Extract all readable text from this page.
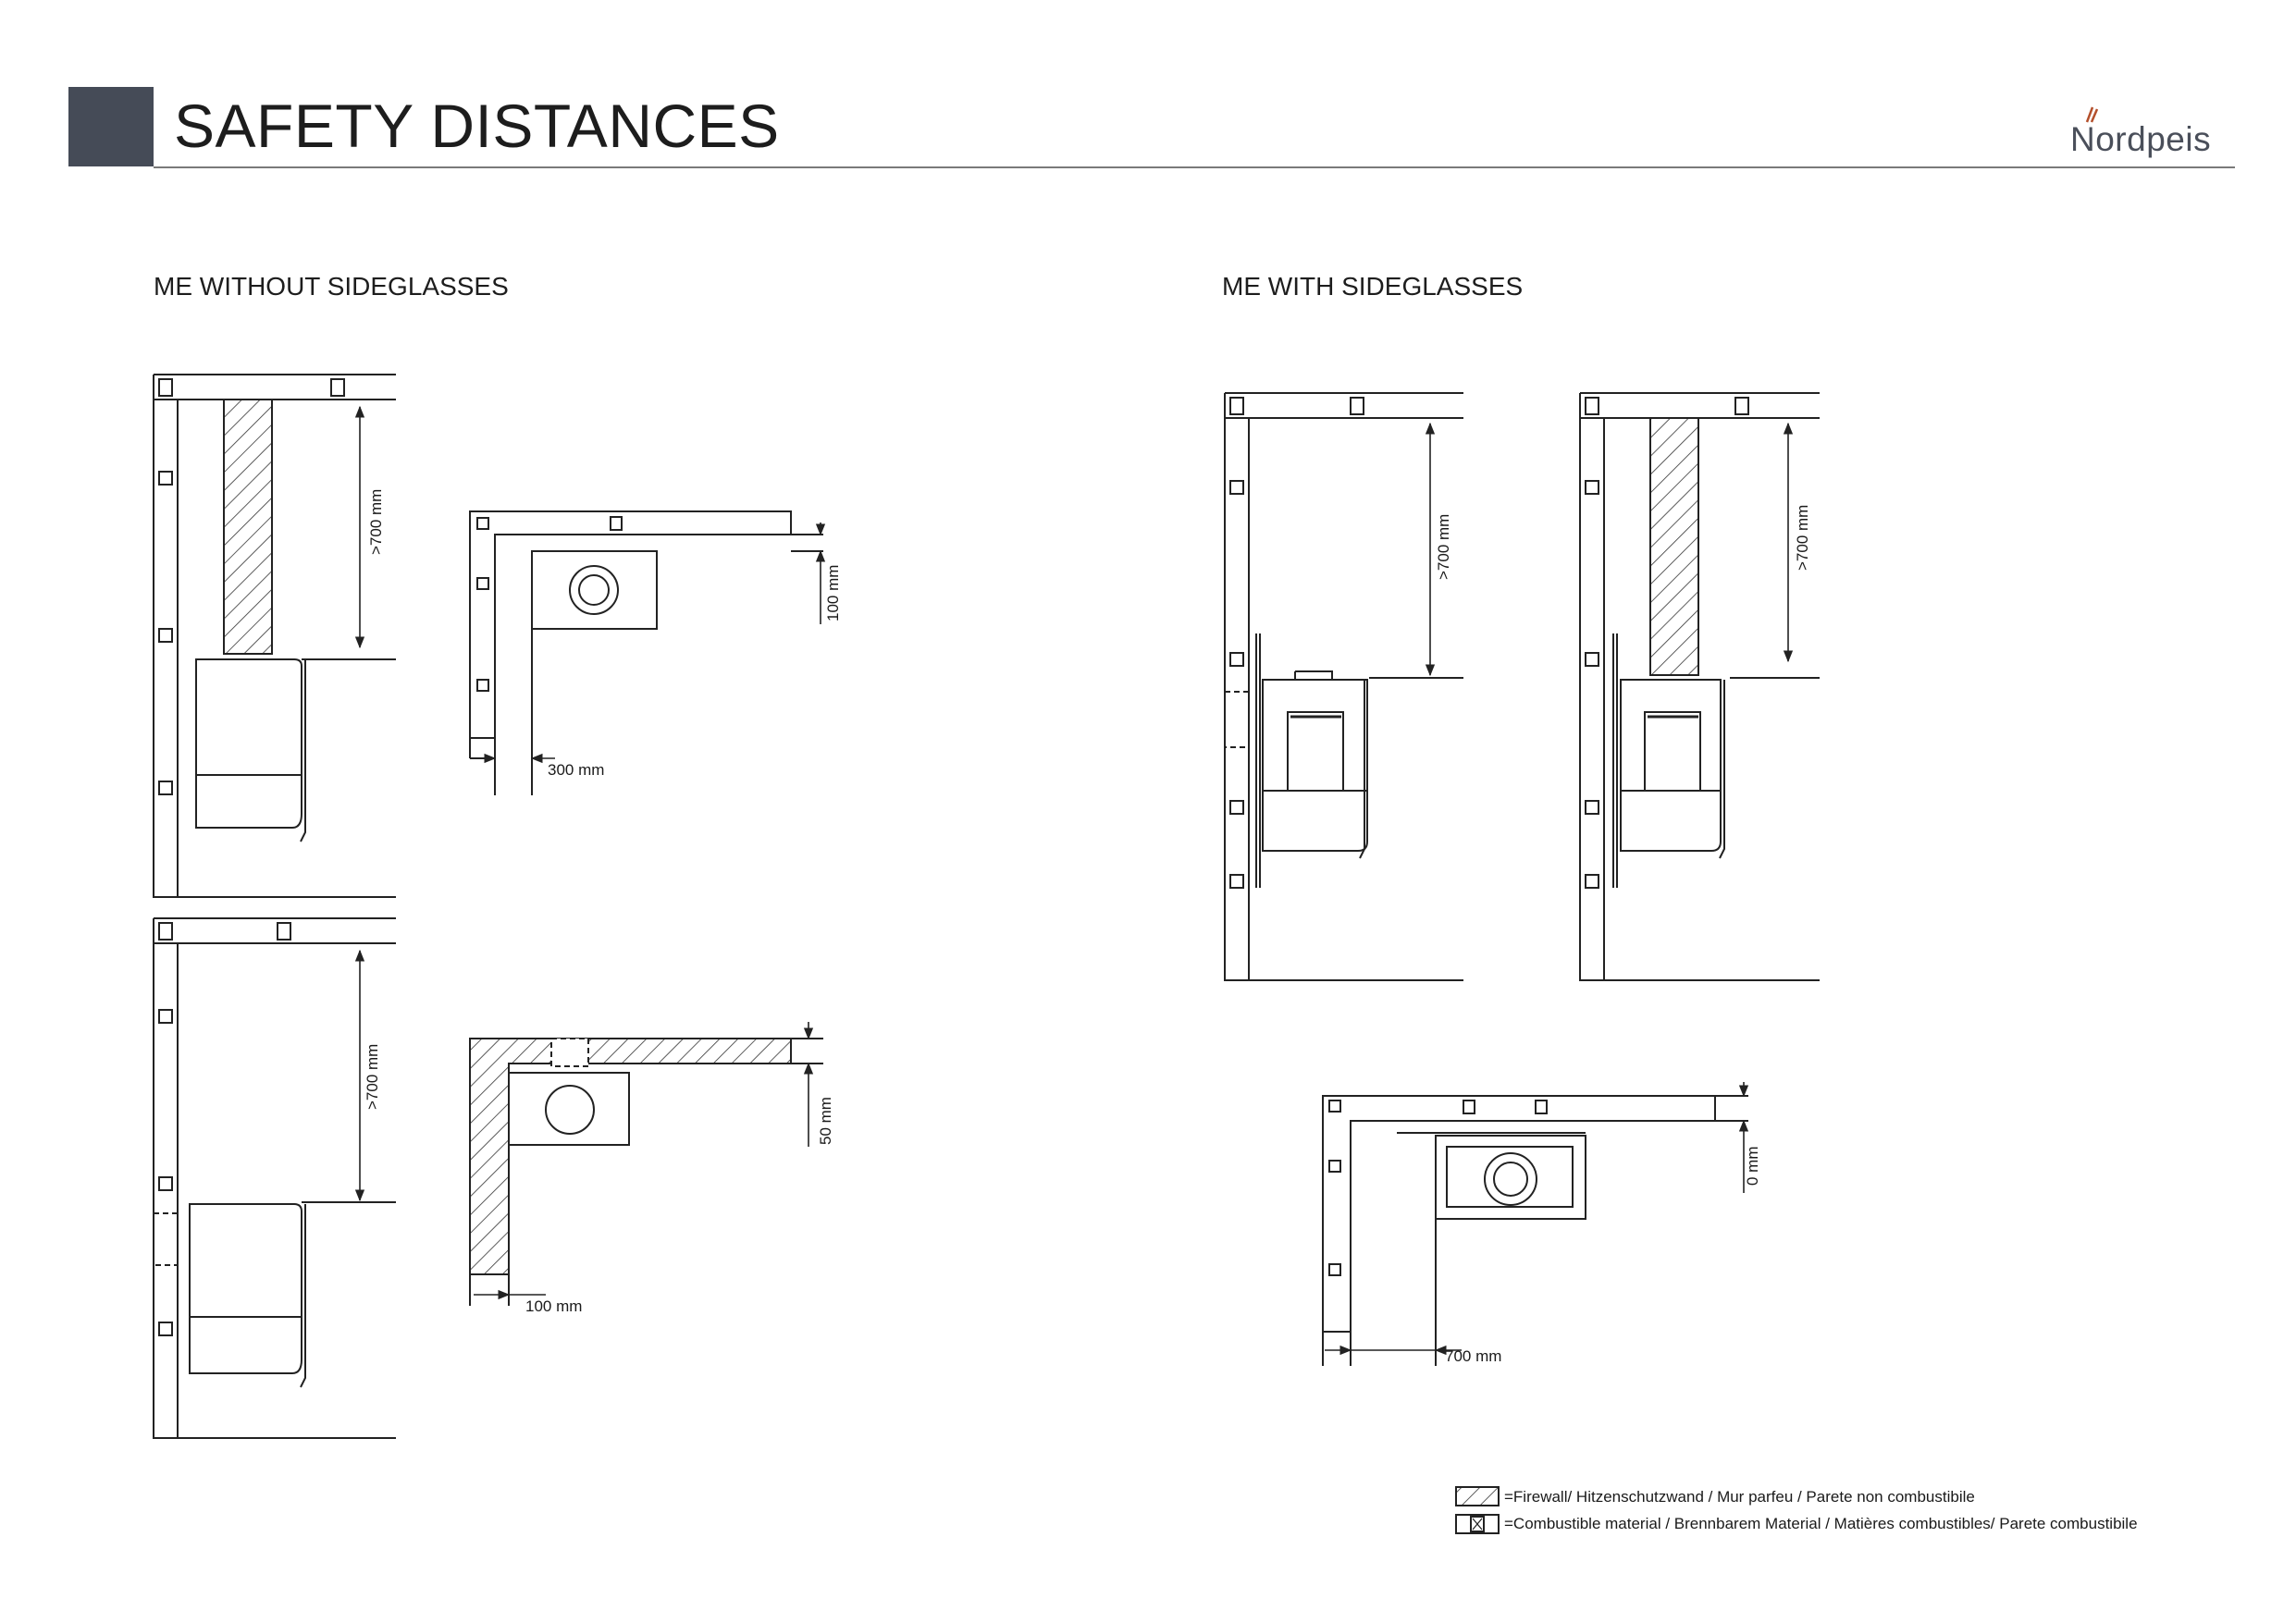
SAFETY DISTANCES	Nordpeis
ME WITHOUT SIDEGLASSES	ME WITH SIDEGLASSES
>700 mm
100 mm
300 mm
>700 mm
50 mm
100 mm
>700 mm	>700 mm
0 mm
700 mm
=Firewall/ Hitzenschutzwand / Mur parfeu / Parete non combustibile
=Combustible material / Brennbarem Material / Matières combustibles/ Parete combustibile
